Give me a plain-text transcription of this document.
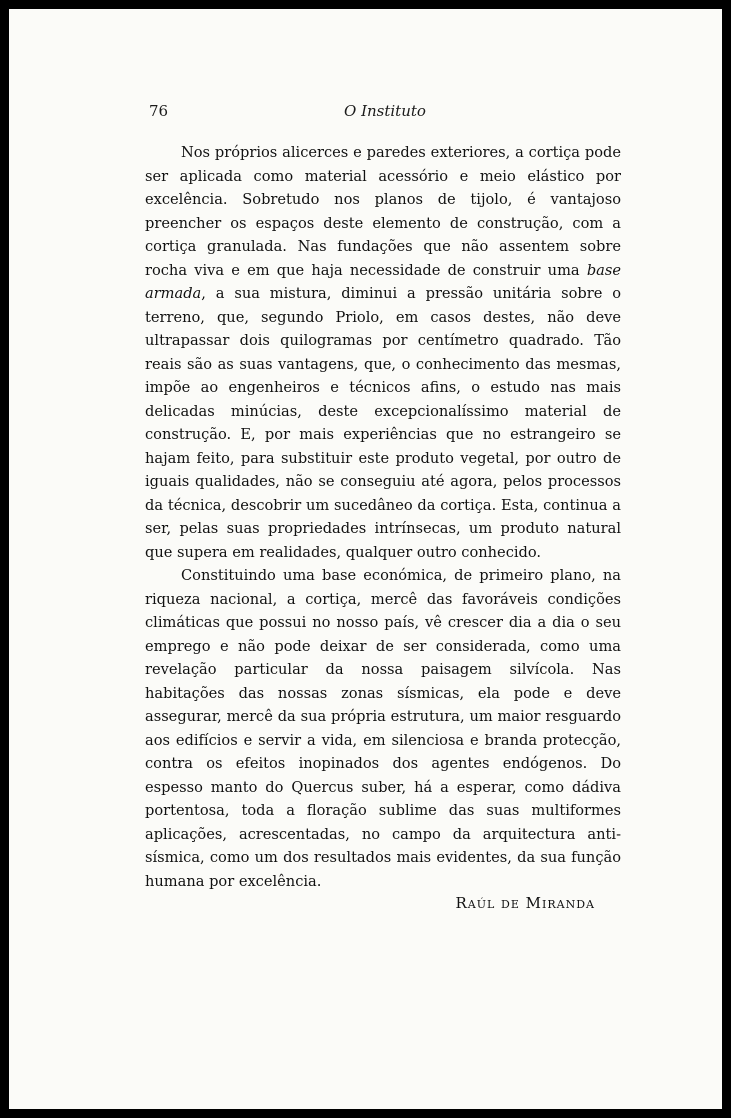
76	O Instituto

Nos próprios alicerces e paredes exteriores, a cortiça pode ser aplicada como material acessório e meio elástico por excelência. Sobretudo nos planos de tijolo, é vantajoso preencher os espaços deste elemento de construção, com a cortiça granulada. Nas fundações que não assentem sobre rocha viva e em que haja necessidade de construir uma base armada, a sua mistura, diminui a pressão unitária sobre o terreno, que, segundo Priolo, em casos destes, não deve ultrapassar dois quilogramas por centímetro quadrado. Tão reais são as suas vantagens, que, o conhecimento das mesmas, impõe ao engenheiros e técnicos afins, o estudo nas mais delicadas minúcias, deste excepcionalíssimo material de construção. E, por mais experiências que no estrangeiro se hajam feito, para substituir este produto vegetal, por outro de iguais qualidades, não se conseguiu até agora, pelos processos da técnica, descobrir um sucedâneo da cortiça. Esta, continua a ser, pelas suas propriedades intrínsecas, um produto natural que supera em realidades, qualquer outro conhecido.

Constituindo uma base económica, de primeiro plano, na riqueza nacional, a cortiça, mercê das favoráveis condições climáticas que possui no nosso país, vê crescer dia a dia o seu emprego e não pode deixar de ser considerada, como uma revelação particular da nossa paisagem silvícola. Nas habitações das nossas zonas sísmicas, ela pode e deve assegurar, mercê da sua própria estrutura, um maior resguardo aos edifícios e servir a vida, em silenciosa e branda protecção, contra os efeitos inopinados dos agentes endógenos. Do espesso manto do Quercus suber, há a esperar, como dádiva portentosa, toda a floração sublime das suas multiformes aplicações, acrescentadas, no campo da arquitectura anti-sísmica, como um dos resultados mais evidentes, da sua função humana por excelência.

Raúl de Miranda
